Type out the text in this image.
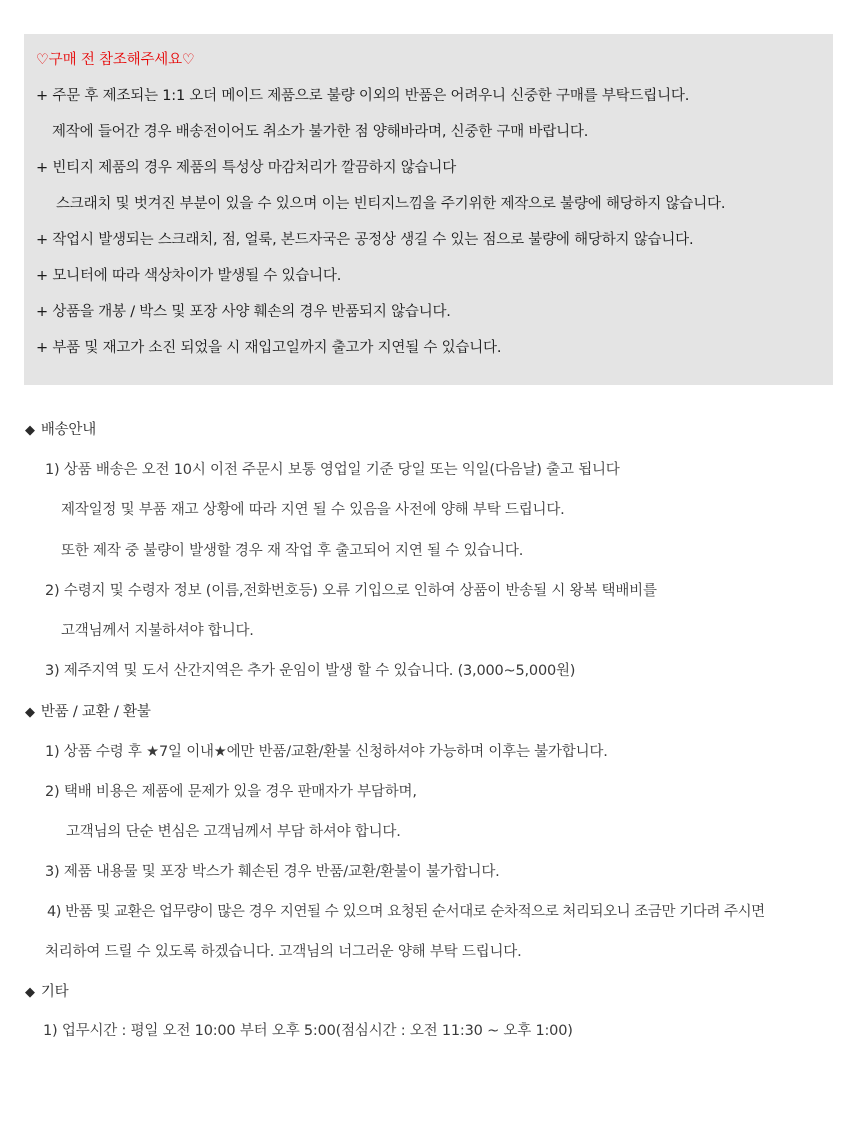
♡구매 전 참조해주세요♡
+ 주문 후 제조되는 1:1 오더 메이드 제품으로 불량 이외의 반품은 어려우니 신중한 구매를 부탁드립니다.
제작에 들어간 경우 배송전이어도 취소가 불가한 점 양해바라며, 신중한 구매 바랍니다.
+ 빈티지 제품의 경우 제품의 특성상 마감처리가 깔끔하지 않습니다
스크래치 및 벗겨진 부분이 있을 수 있으며 이는 빈티지느낌을 주기위한 제작으로 불량에 해당하지 않습니다.
+ 작업시 발생되는 스크래치, 점, 얼룩, 본드자국은 공정상 생길 수 있는 점으로 불량에 해당하지 않습니다.
+ 모니터에 따라 색상차이가 발생될 수 있습니다.
+ 상품을 개봉 / 박스 및 포장 사양 훼손의 경우 반품되지 않습니다.
+ 부품 및 재고가 소진 되었을 시 재입고일까지 출고가 지연될 수 있습니다.
◆ 배송안내
1) 상품 배송은 오전 10시 이전 주문시 보통 영업일 기준 당일 또는 익일(다음날) 출고 됩니다
제작일정 및 부품 재고 상황에 따라 지연 될 수 있음을 사전에 양해 부탁 드립니다.
또한 제작 중 불량이 발생할 경우 재 작업 후 출고되어 지연 될 수 있습니다.
2) 수령지 및 수령자 정보 (이름,전화번호등) 오류 기입으로 인하여 상품이 반송될 시 왕복 택배비를
고객님께서 지불하셔야 합니다.
3) 제주지역 및 도서 산간지역은 추가 운임이 발생 할 수 있습니다. (3,000~5,000원)
◆ 반품 / 교환 / 환불
1) 상품 수령 후 ★7일 이내★에만 반품/교환/환불 신청하셔야 가능하며 이후는 불가합니다.
2) 택배 비용은 제품에 문제가 있을 경우 판매자가 부담하며,
고객님의 단순 변심은 고객님께서 부담 하셔야 합니다.
3) 제품 내용물 및 포장 박스가 훼손된 경우 반품/교환/환불이 불가합니다.
4) 반품 및 교환은 업무량이 많은 경우 지연될 수 있으며 요청된 순서대로 순차적으로 처리되오니 조금만 기다려 주시면
처리하여 드릴 수 있도록 하겠습니다. 고객님의 너그러운 양해 부탁 드립니다.
◆ 기타
1) 업무시간 : 평일 오전 10:00 부터 오후 5:00(점심시간 : 오전 11:30 ~ 오후 1:00)
